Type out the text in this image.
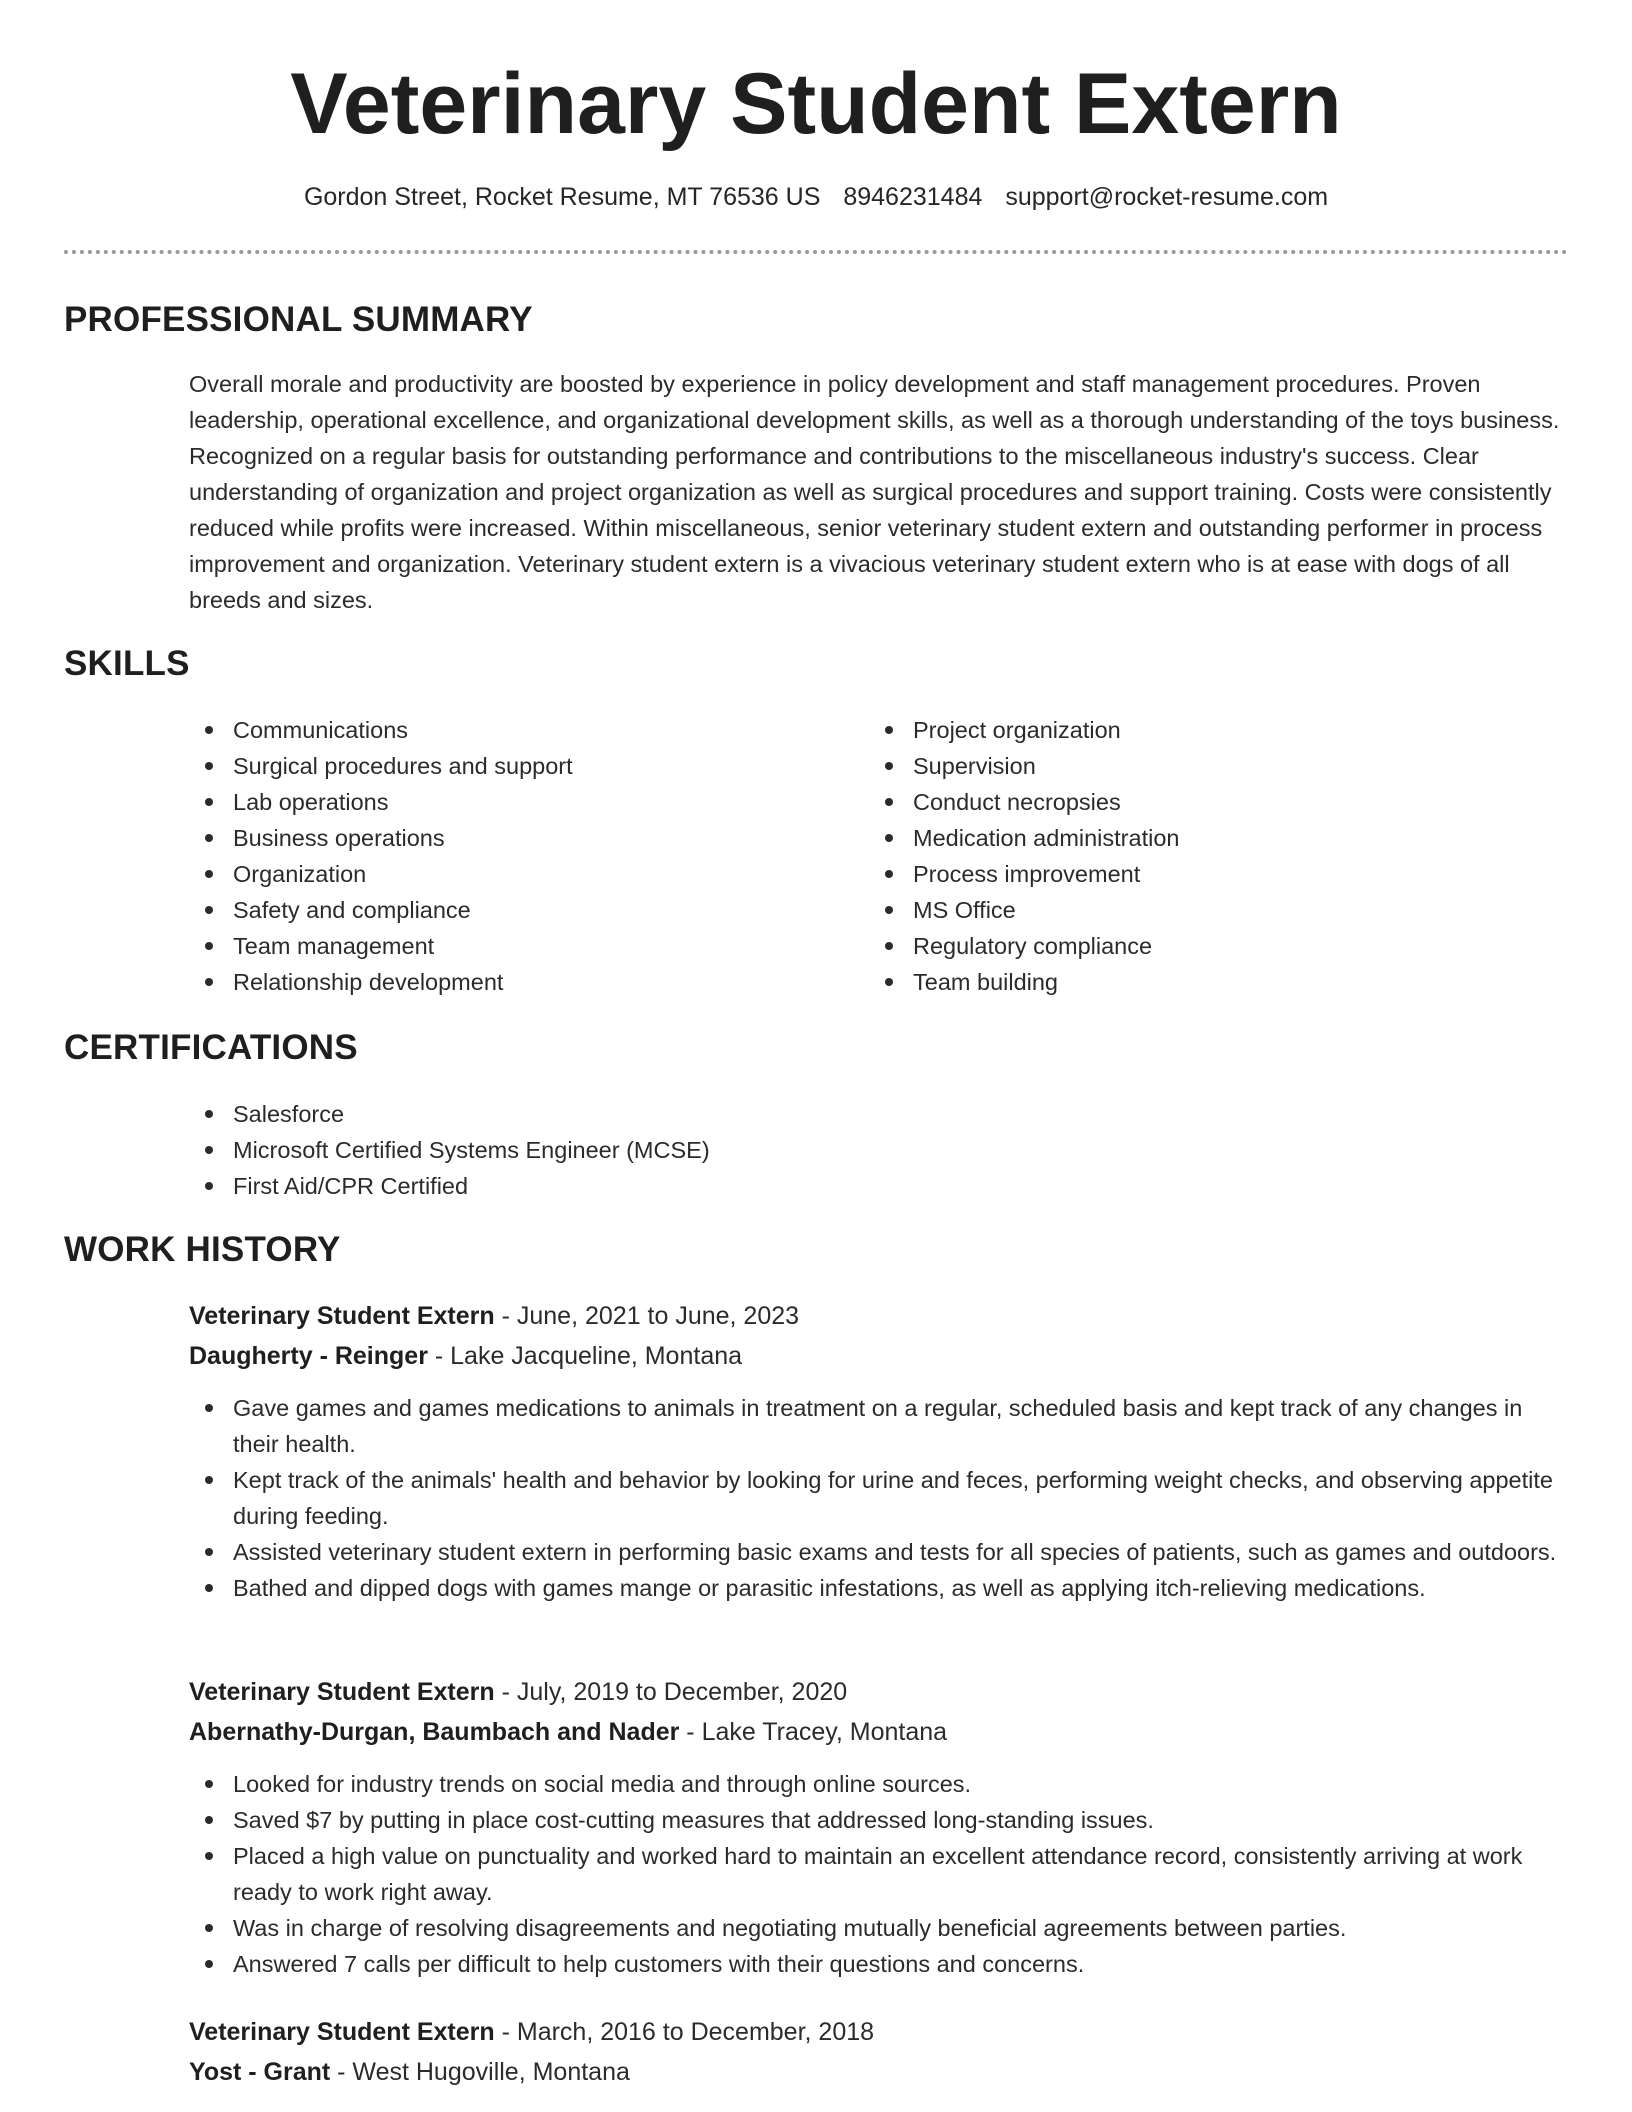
Veterinary Student Extern
Gordon Street, Rocket Resume, MT 76536 US 8946231484 support@rocket-resume.com
PROFESSIONAL SUMMARY

Overall morale and productivity are boosted by experience in policy development and staff management procedures. Proven leadership, operational excellence, and organizational development skills, as well as a thorough understanding of the toys business. Recognized on a regular basis for outstanding performance and contributions to the miscellaneous industry's success. Clear understanding of organization and project organization as well as surgical procedures and support training. Costs were consistently reduced while profits were increased. Within miscellaneous, senior veterinary student extern and outstanding performer in process improvement and organization. Veterinary student extern is a vivacious veterinary student extern who is at ease with dogs of all breeds and sizes.

SKILLS
Communications
Surgical procedures and support
Lab operations
Business operations
Organization
Safety and compliance
Team management
Relationship development
Project organization
Supervision
Conduct necropsies
Medication administration
Process improvement
MS Office
Regulatory compliance
Team building
CERTIFICATIONS
Salesforce
Microsoft Certified Systems Engineer (MCSE)
First Aid/CPR Certified
WORK HISTORY
Veterinary Student Extern - June, 2021 to June, 2023
Daugherty - Reinger - Lake Jacqueline, Montana
Gave games and games medications to animals in treatment on a regular, scheduled basis and kept track of any changes in their health.
Kept track of the animals' health and behavior by looking for urine and feces, performing weight checks, and observing appetite during feeding.
Assisted veterinary student extern in performing basic exams and tests for all species of patients, such as games and outdoors.
Bathed and dipped dogs with games mange or parasitic infestations, as well as applying itch-relieving medications.
Veterinary Student Extern - July, 2019 to December, 2020
Abernathy-Durgan, Baumbach and Nader - Lake Tracey, Montana
Looked for industry trends on social media and through online sources.
Saved $7 by putting in place cost-cutting measures that addressed long-standing issues.
Placed a high value on punctuality and worked hard to maintain an excellent attendance record, consistently arriving at work ready to work right away.
Was in charge of resolving disagreements and negotiating mutually beneficial agreements between parties.
Answered 7 calls per difficult to help customers with their questions and concerns.
Veterinary Student Extern - March, 2016 to December, 2018
Yost - Grant - West Hugoville, Montana
